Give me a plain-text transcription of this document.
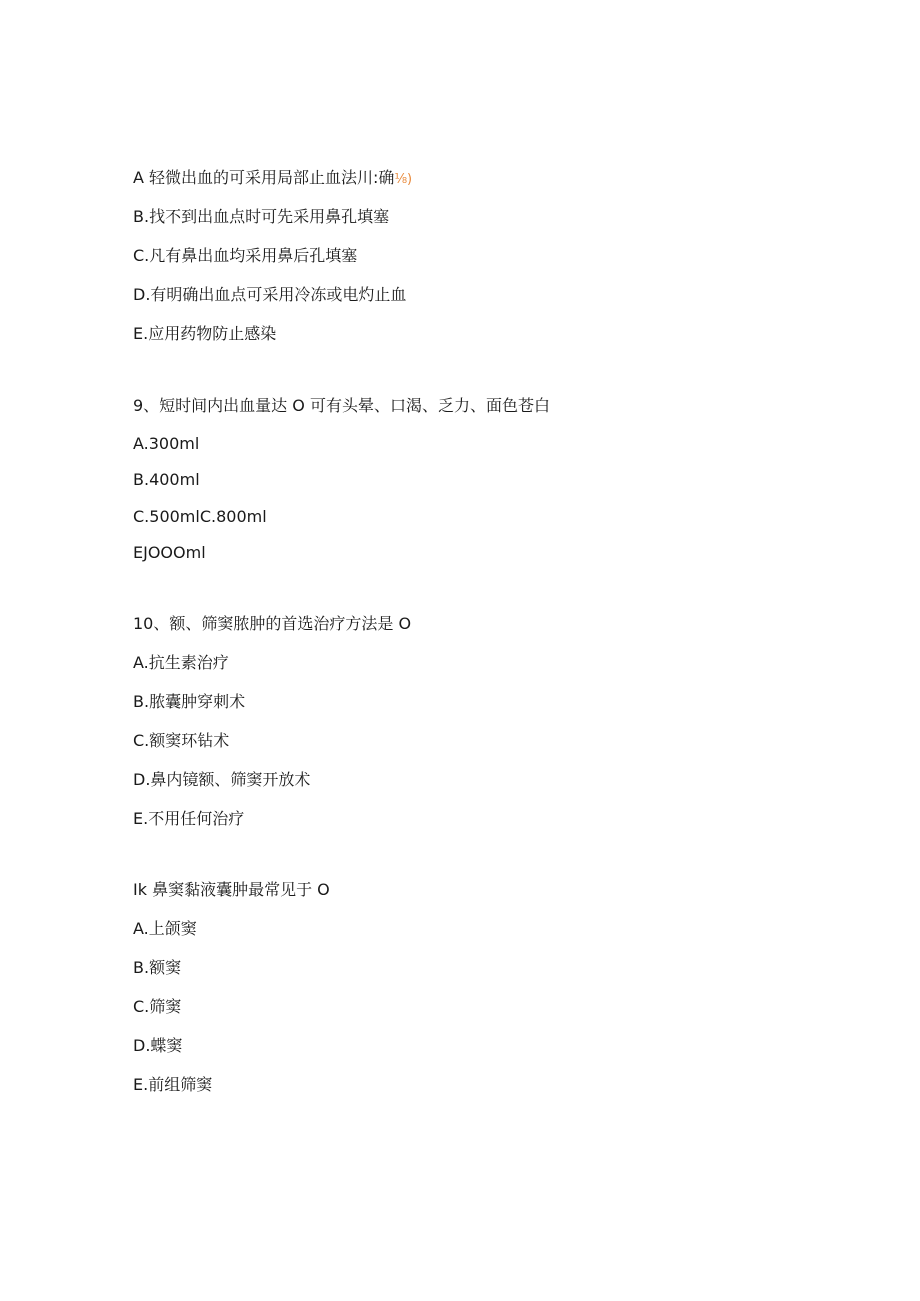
A 轻微出血的可采用局部止血法川:确⅛)
B.找不到出血点时可先采用鼻孔填塞
C.凡有鼻出血均采用鼻后孔填塞
D.有明确出血点可采用冷冻或电灼止血
E.应用药物防止感染
9、短时间内出血量达 O 可有头晕、口渴、乏力、面色苍白
A.300ml
B.400ml
C.500mlC.800ml
EJOOOml
10、额、筛窦脓肿的首选治疗方法是 O
A.抗生素治疗
B.脓囊肿穿刺术
C.额窦环钻术
D.鼻内镜额、筛窦开放术
E.不用任何治疗
Ik 鼻窦黏液囊肿最常见于 O
A.上颌窦
B.额窦
C.筛窦
D.蝶窦
E.前组筛窦
